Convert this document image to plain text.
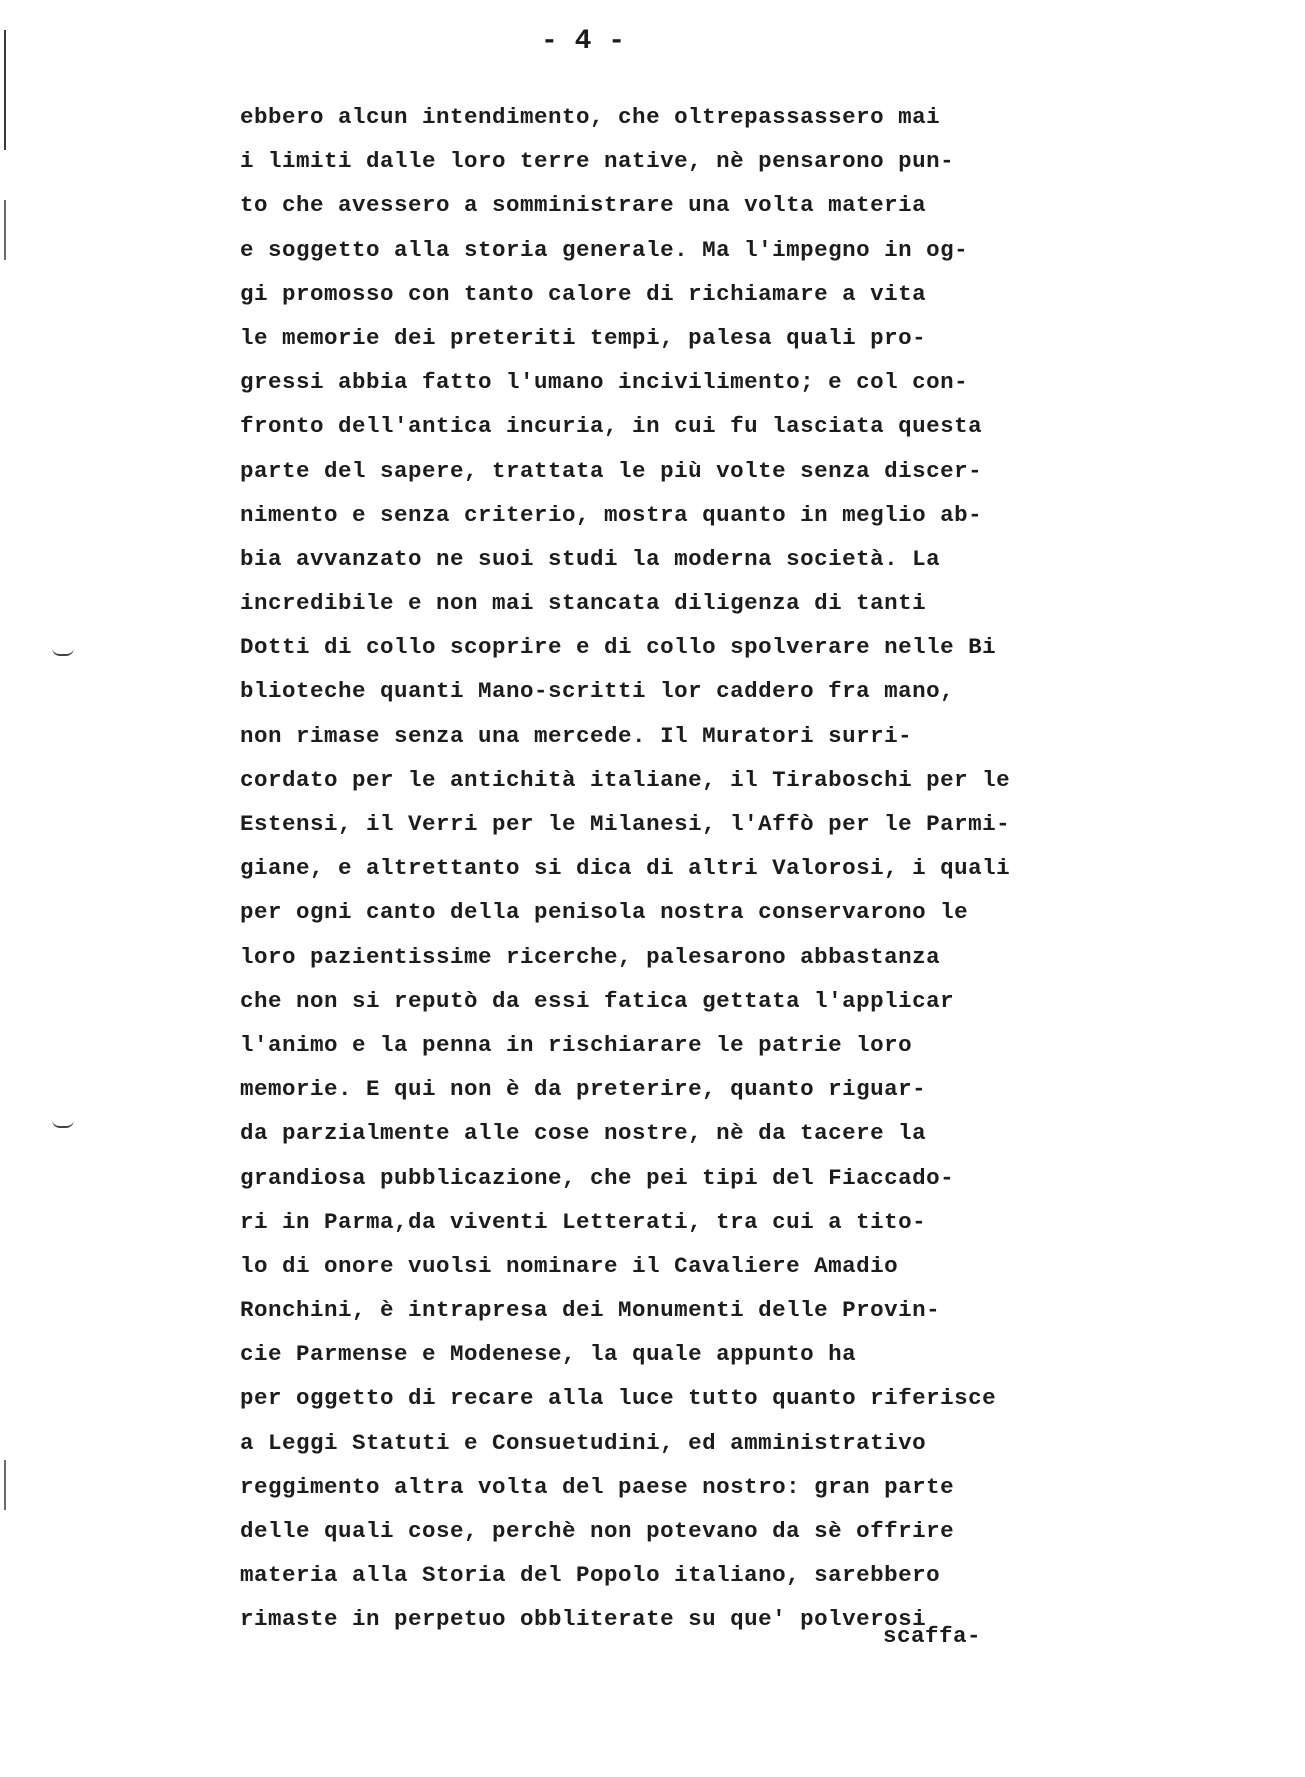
- 4 -
ebbero alcun intendimento, che oltrepassassero mai
i limiti dalle loro terre native, nè pensarono pun-
to che avessero a somministrare una volta materia
e soggetto alla storia generale. Ma l'impegno in og-
gi promosso con tanto calore di richiamare a vita
le memorie dei preteriti tempi, palesa quali pro-
gressi abbia fatto l'umano incivilimento; e col con-
fronto dell'antica incuria, in cui fu lasciata questa
parte del sapere, trattata le più volte senza discer-
nimento e senza criterio, mostra quanto in meglio ab-
bia avvanzato ne suoi studi la moderna società. La
incredibile e non mai stancata diligenza di tanti
Dotti di collo scoprire e di collo spolverare nelle Bi
blioteche quanti Mano-scritti lor caddero fra mano,
non rimase senza una mercede. Il Muratori surri-
cordato per le antichità italiane, il Tiraboschi per le
Estensi, il Verri per le Milanesi, l'Affò per le Parmi-
giane, e altrettanto si dica di altri Valorosi, i quali
per ogni canto della penisola nostra conservarono le
loro pazientissime ricerche, palesarono abbastanza
che non si reputò da essi fatica gettata l'applicar
l'animo e la penna in rischiarare le patrie loro
memorie. E qui non è da preterire, quanto riguar-
da parzialmente alle cose nostre, nè da tacere la
grandiosa pubblicazione, che pei tipi del Fiaccado-
ri in Parma,da viventi Letterati, tra cui a tito-
lo di onore vuolsi nominare il Cavaliere Amadio
Ronchini, è intrapresa dei Monumenti delle Provin-
cie Parmense e Modenese, la quale appunto ha
per oggetto di recare alla luce tutto quanto riferisce
a Leggi Statuti e Consuetudini, ed amministrativo
reggimento altra volta del paese nostro: gran parte
delle quali cose, perchè non potevano da sè offrire
materia alla Storia del Popolo italiano, sarebbero
rimaste in perpetuo obbliterate su que' polverosi
scaffa-
